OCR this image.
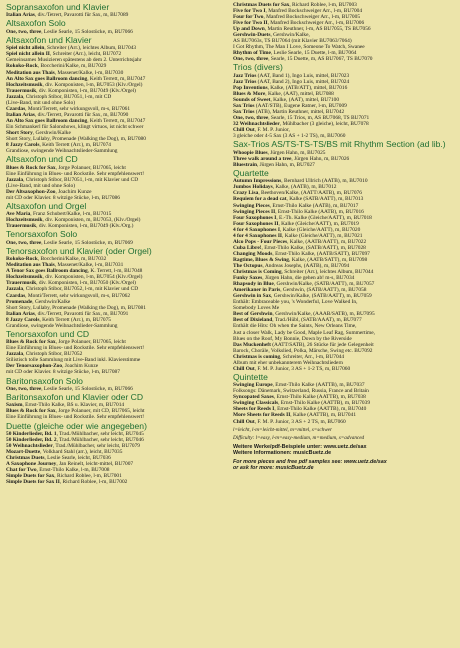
Sopransaxofon und Klavier
Italian Arias, div./Tetrert, Pavarotti für Sax, m, BU7089
Altsaxofon Solo
One, two, three, Leslie Searle, 15 Solostücke, m, BU7066
Altsaxofon und Klavier
Spiel nicht allein, Schreiter (Arr.), leichtes Album, BU7043
Spiel nicht allein II, Schreiter (Arr.), leicht, BU7072
Gemeinsames Musizieren spätestens ab dem 2. Unterrichtsjahr
Rokoko-Rock, Boccherini/Kalke, m, BU7029
Meditation aus Thais, Massenet/Kalke, l-m, BU7030
An Alto Sax goes Ballroom dancing, Keith Terrett, m, BU7047
Hochzeitsmusik, div. Komponisten, l-m, BU7053 (Klv./Orgel)
Trauermusik, div. Komponisten, l-m, BU7049 (Klv./Orgel)
Jazzala, Christoph Stibor, BU7051, l-m, mit CD
(Live-Band, mit und ohne Solo)
Czardas, Monti/Terrett, sehr wirkungsvoll, m-s, BU7061
Italian Arias, div./Terrett, Pavarotti für Sax, m, BU7090
An Alto Sax goes Ballroom dancing, Keith Terrett, m, BU7047
Ein Schmankerl für Salonshows, klingt virtuos, ist nicht schwer
Short Story, Gershwin/Kalke
Short Story, Lullaby, Promenade (Walking the Dog), m, BU7080
8 Jazzy Carols, Keith Terrett (Arr.), m, BU7074
Grandiose, swingende Weihnachtslieder-Sammlung
Altsaxofon und CD
Blues & Rock for Sax, Jorge Polanuer, BU7065, leicht
Eine Einführung in Blues- und Rockstile. Sehr empfehlenswert!
Jazzala, Christoph Stibor, BU7051, l-m, mit Klavier und CD
(Live-Band, mit und ohne Solo)
Der Altsaxophon-Zoo, Joachim Kunze
mit CD oder Klavier. 8 witzige Stücke, l-m, BU7086
Altsaxofon und Orgel
Ave Maria, Franz Schubert/Kalke, l-m, BU7015
Hochzeitsmusik, div. Komponisten, m, BU7053, (Klv./Orgel)
Trauermusik, div. Komponisten, l-m, BU7049 (Klv./Org.)
Tenorsaxofon Solo
One, two, three, Leslie Searle, 15 Solostücke, m, BU7069
Tenorsaxofon und Klavier (oder Orgel)
Rokoko-Rock, Boccherini/Kalke, m, BU7032
Meditation aus Thais, Massenet/Kalke, l-m, BU7031
A Tenor Sax goes Ballroom dancing, K. Terrett, l-m, BU7048
Hochzeitsmusik, div. Komponisten, l-m, BU7054 (Klv./Orgel)
Trauermusik, div. Komponisten, l-m, BU7050 (Klv./Orgel)
Jazzala, Christoph Stibor, BU7052, l-m, mit Klavier und CD
Czardas, Monti/Terrett, sehr wirkungsvoll, m-s, BU7062
Promenade, Gershwin/Kalke
Short Story, Lullaby, Promenade (Walking the Dog), m, BU7081
Italian Arias, div./Terrett, Pavarotti für Sax, m, BU7091
8 Jazzy Carols, Keith Terrett (Arr.), m, BU7075
Grandiose, swingende Weihnachtslieder-Sammlung
Tenorsaxofon und CD
Blues & Rock for Sax, Jorge Polanuer, BU7065, leicht
Eine Einführung in Blues- und Rockstile. Sehr empfehlenswert!
Jazzala, Christoph Stibor, BU7052
Stilistisch tolle Sammlung mit Live-Band inkl. Klavierstimme
Der Tenorsaxophon-Zoo, Joachim Kunze
mit CD oder Klavier. 8 witzige Stücke, l-m, BU7087
Baritonsaxofon Solo
One, two, three, Leslie Searle, 15 Solostücke, m, BU7066
Baritonsaxofon und Klavier oder CD
Saxism, Ernst-Thilo Kalke, BS u. Klavier, m, BU7014
Blues & Rock for Sax, Jorge Polanuer, mit CD, BU7065, leicht
Eine Einführung in Blues- und Rockstile. Sehr empfehlenswert!
Duette (gleiche oder wie angegeben)
50 Kinderlieder, Bd. 1, Trad./Mühlbacher, sehr leicht, BU7045
50 Kinderlieder, Bd. 2, Trad./Mühlbacher, sehr leicht, BU7046
50 Weihnachtslieder, Trad./Mühlbacher, sehr leicht, BU7079
Mozart-Duette, Volkhard Stahl (arr.), leicht, BU7035
Christmas Duets, Leslie Searle, leicht, BU7036
A Saxophone Journey, Jan Reinelt, leicht-mittel, BU7007
Chat for Two, Ernst-Thilo Kalke, l-m, BU7008
Simple Duets for Sax, Richard Roblee, l-m, BU7001
Simple Duets for Sax II, Richard Roblee, l-m, BU7002
Christmas Duets for Sax, Richard Roblee, l-m, BU7003
Five for Two I, Manfred Bockschweiger Arr., l-m, BU7004
Four for Two, Manfred Bockschweiger Arr., l-m, BU7005
Five for Two II, Manfred Bockschweiger Arr., l-m, BU7006
Up and Down, Martin Reuthner, l-m, AS BU7055, TS BU7056
Gershwin-Duets, Gershwin/Kalke,
AS BU7063s, TS BU7064 (mit Klavier BU7063/7064)
I Got Rhythm, The Man I Love, Someone To Watch, Swanee
Rhythm of Time, Leslie Searle, 15 Duette, l-m, BU7064
One, two, three, Searle, 15 Duette, m, AS BU7067, TS BU7070
Trios (divers)
Jazz Trios (AAT, Band 1), Ingo Luis, mittel, BU7023
Jazz Trios (AAT, Band 2), Ingo Luis, mittel, BU7024
Pop Inventions, Kalke, (ATB/ATT), mittel, BU7016
Blues & More, Kalke, (AAT), mittel, BU7088
Sounds of Sweet, Kalke, (AAT), mittel, BU7100
Sax Trios (AAT/STB), Eugene Ratner, l-m, BU7009
Sax Trios (ATB), Martin Reuthner, mittel, BU7042
One, two, three, Searle, 15 Trios, m, AS BU7068, TS BU7071
32 Weihnachtslieder, Mühlbacher (3 gleiche), leicht, BU7078
Chill Out, F. M. P. Junior,
3 gleiche oder 4-5 Sax (3 AS + 1-2 TS), m, BU7060
Sax-Trios AS/TS-TS-TS/BS mit Rhythm Section (ad lib.)
Whoopie Blues, Jürgen Hahn, m, BU7025
Three walk around a tree, Jürgen Hahn, m, BU7026
Bluestrain, Jürgen Hahn, m, BU7027
Quartette
Autumn Impressions, Bernhard Ullrich (AATB), m, BU7010
Jumbos Holidays, Kalke, (AATB), m, BU7012
Crazy Lisa, Beethoven/Kalke, (AATT/AATB), m, BU7076
Requiem for a dead cat, Kalke (SATB/AATT), m, BU7013
Swinging Pieces, Ernst-Thilo Kalke (AATB), m, BU7017
Swinging Pieces II, Ernst-Thilo Kalke (AATB), m, BU7016
Four Saxophones I, E.-Th. Kalke (Gleiche/AATT), m, BU7018
Four Saxophones II, Kalke (Gleiche/AATT), m, BU7019
4 for 4 Saxophones I, Kalke (Gleiche/AATT), m, BU7020
4 for 4 Saxophones II, Kalke (Gleiche/AATT), m, BU7021
Alco Pops - Four Pieces, Kalke, (AATB/AATT), m, BU7022
Cuba Libre!, Ernst-Thilo Kalke, (SATB/AATT), m, BU7028
Changing Moods, Ernst-Thilo Kalke, (AATB/SATT), BU7097
Ragtime, Blues & Swing, Kalke, (AATB/SATT), m, BU7098
The Octopus, Andreas Josephs, (AATB), m, BU7094
Christmas is Coming, Schreiter (Arr.), leichtes Album, BU7044
Funky Saxes, Jürgen Hahn, die gehen ab! m-s, BU7034
Rhapsody in Blue, Gershwin/Kalke, (SATB/AATT), m, BU7057
Amerikaner in Paris, Gershwin, (SATB/AATT), m, BU7058
Gershwin in Sax, Gershwin/Kalke, (SATB/AATT), m, BU7059
Enthält: Embraceable you, 's Wonderful, Love Walked In,
Somebody Loves Me
Best of Gershwin, Gershwin/Kalke, (AAAB/SATB), m, BU7095
Best of Dixieland, Trad./Hübl, (SATB/AAAT), m, BU7077
Enthält die Hits: Oh when the Saints, New Orleans Time,
Just a closer Walk, Lady be Good, Maple Leaf Rag, Summertime,
Blues on the Roof, My Bonnie, Down by the Riverside
Das Muckenheft (AATT/SATB), 26 Stücke für jede Gelegenheit
Barock, Choräle, Volkslied, Polka, Märsche, Swing etc. BU7092
Christmas is coming, Schreiter, Arr., l-m, BU7044
Album mit eher unbekannterem Weihnachtsliedern
Chill Out, F. M. P. Junior, 3 AS + 1-2 TS, m, BU7060
Quintette
Swinging Europe, Ernst-Thilo Kalke (AATTB), m, BU7037
Folksongs: Dänemark, Switzerland, Russia, France and Britain
Syncopated Saxes, Ernst-Thilo Kalke (AATTB), m, BU7038
Swinging Classicals, Ernst-Thilo Kalke (AATTB), m, BU7039
Sheets for Reeds I, Ernst-Thilo Kalke (AATTB), m, BU7040
More Sheets for Reeds II, Kalke (AATTB), m, BU7041
Chill Out, F. M. P. Junior, 3 AS + 2 TS, m, BU7060
l=leicht, l-m=leicht-mittel, m=mittel, s=schwer
Difficulty: l=easy, l-m=easy-medium, m=medium, s=advanced
Weitere Werke/pdf-Beispiele unter: www.uetz.de/sax
Weitere Informationen: musicBuetz.de
For more pieces and free pdf samples see: www.uetz.de/sax
or ask for more: musicBuetz.de
